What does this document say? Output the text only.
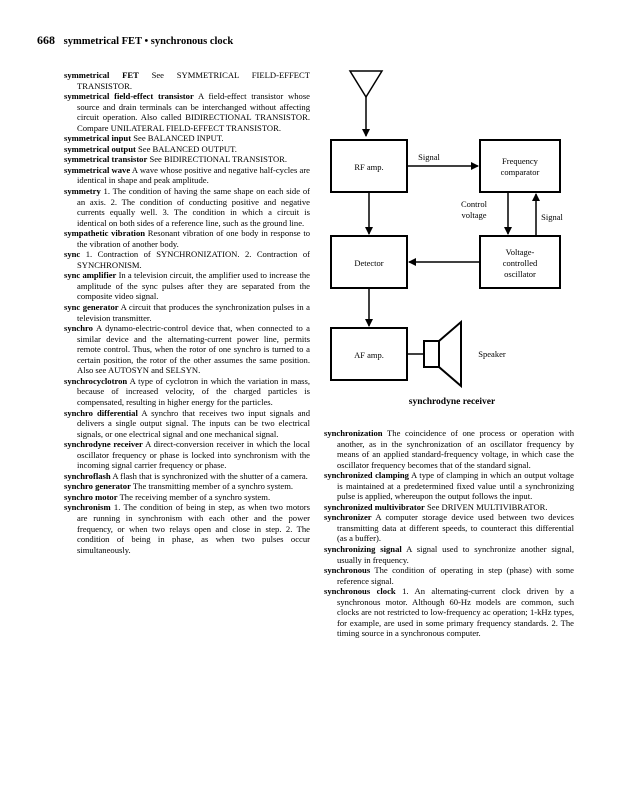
668 symmetrical FET • synchronous clock
symmetrical FET See SYMMETRICAL FIELD-EFFECT TRANSISTOR.
symmetrical field-effect transistor A field-effect transistor whose source and drain terminals can be interchanged without affecting circuit operation. Also called BIDIRECTIONAL TRANSISTOR. Compare UNILATERAL FIELD-EFFECT TRANSISTOR.
symmetrical input See BALANCED INPUT.
symmetrical output See BALANCED OUTPUT.
symmetrical transistor See BIDIRECTIONAL TRANSISTOR.
symmetrical wave A wave whose positive and negative half-cycles are identical in shape and peak amplitude.
symmetry 1. The condition of having the same shape on each side of an axis. 2. The condition of conducting positive and negative currents equally well. 3. The condition in which a circuit is identical on both sides of a reference line, such as the ground line.
sympathetic vibration Resonant vibration of one body in response to the vibration of another body.
sync 1. Contraction of SYNCHRONIZATION. 2. Contraction of SYNCHRONISM.
sync amplifier In a television circuit, the amplifier used to increase the amplitude of the sync pulses after they are separated from the composite video signal.
sync generator A circuit that produces the synchronization pulses in a television transmitter.
synchro A dynamo-electric-control device that, when connected to a similar device and the alternating-current power line, permits remote control. Thus, when the rotor of one synchro is turned to a certain position, the rotor of the other assumes the same position. Also see AUTOSYN and SELSYN.
synchrocyclotron A type of cyclotron in which the variation in mass, because of increased velocity, of the charged particles is compensated, resulting in higher energy for the particles.
synchro differential A synchro that receives two input signals and delivers a single output signal. The inputs can be two electrical signals, or one electrical signal and one mechanical signal.
synchrodyne receiver A direct-conversion receiver in which the local oscillator frequency or phase is locked into synchronism with the incoming signal carrier frequency or phase.
synchroflash A flash that is synchronized with the shutter of a camera.
synchro generator The transmitting member of a synchro system.
synchro motor The receiving member of a synchro system.
synchronism 1. The condition of being in step, as when two motors are running in synchronism with each other and the power frequency, or when two relays open and close in step. 2. The condition of being in phase, as when two pulses occur simultaneously.
RF amp.
Frequency
comparator
Detector
Voltage-
controlled
oscillator
AF amp.
Signal
Control
voltage	Signal
Speaker
synchrodyne receiver
synchronization The coincidence of one process or operation with another, as in the synchronization of an oscillator frequency by means of an applied standard-frequency voltage, in which case the oscillator frequency becomes that of the standard signal.
synchronized clamping A type of clamping in which an output voltage is maintained at a predetermined fixed value until a synchronizing pulse is applied, whereupon the output follows the input.
synchronized multivibrator See DRIVEN MULTIVIBRATOR.
synchronizer A computer storage device used between two devices transmitting data at different speeds, to counteract this differential (as a buffer).
synchronizing signal A signal used to synchronize another signal, usually in frequency.
synchronous The condition of operating in step (phase) with some reference signal.
synchronous clock 1. An alternating-current clock driven by a synchronous motor. Although 60-Hz models are common, such clocks are not restricted to low-frequency ac operation; 1-kHz types, for example, are used in some primary frequency standards. 2. The timing source in a synchronous computer.
